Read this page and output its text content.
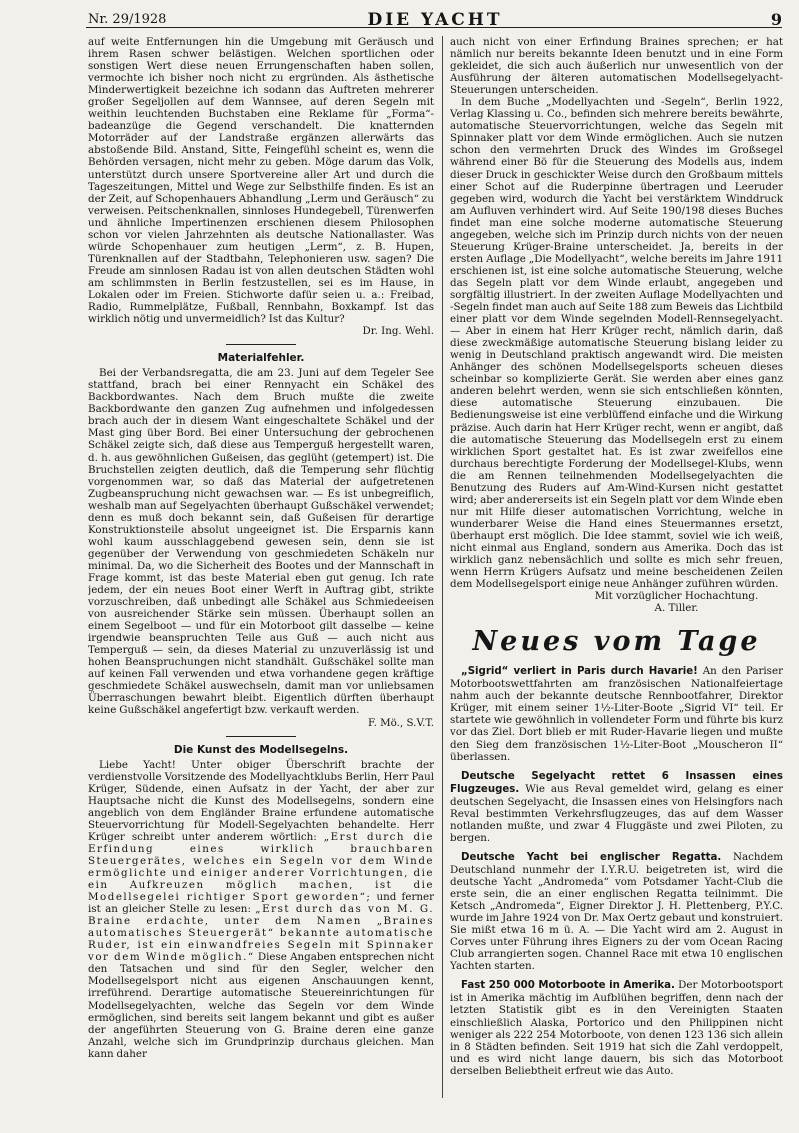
Nr. 29/1928	DIE YACHT	9

auf weite Entfernungen hin die Umgebung mit Geräusch und ihrem Rasen schwer belästigen. Welchen sportlichen oder sonstigen Wert diese neuen Errungenschaften haben sollen, vermochte ich bisher noch nicht zu ergründen. Als ästhetische Minderwertigkeit bezeichne ich sodann das Auftreten mehrerer großer Segeljollen auf dem Wannsee, auf deren Segeln mit weithin leuchtenden Buchstaben eine Reklame für „Forma“-badeanzüge die Gegend verschandelt. Die knatternden Motorräder auf der Landstraße ergänzen allerwärts das abstoßende Bild. Anstand, Sitte, Feingefühl scheint es, wenn die Behörden versagen, nicht mehr zu geben. Möge darum das Volk, unterstützt durch unsere Sportvereine aller Art und durch die Tageszeitungen, Mittel und Wege zur Selbsthilfe finden. Es ist an der Zeit, auf Schopenhauers Abhandlung „Lerm und Geräusch“ zu verweisen. Peitschenknallen, sinnloses Hundegebell, Türenwerfen und ähnliche Impertinenzen erschienen diesem Philosophen schon vor vielen Jahrzehnten als deutsche Nationallaster. Was würde Schopenhauer zum heutigen „Lerm“, z. B. Hupen, Türenknallen auf der Stadtbahn, Telephonieren usw. sagen? Die Freude am sinnlosen Radau ist von allen deutschen Städten wohl am schlimmsten in Berlin festzustellen, sei es im Hause, in Lokalen oder im Freien. Stichworte dafür seien u. a.: Freibad, Radio, Rummelplätze, Fußball, Rennbahn, Boxkampf. Ist das wirklich nötig und unvermeidlich? Ist das Kultur?

Dr. Ing. Wehl.

Materialfehler.

Bei der Verbandsregatta, die am 23. Juni auf dem Tegeler See stattfand, brach bei einer Rennyacht ein Schäkel des Backbordwantes. Nach dem Bruch mußte die zweite Backbordwante den ganzen Zug aufnehmen und infolgedessen brach auch der in diesem Want eingeschaltete Schäkel und der Mast ging über Bord. Bei einer Untersuchung der gebrochenen Schäkel zeigte sich, daß diese aus Temperguß hergestellt waren, d. h. aus gewöhnlichen Gußeisen, das geglüht (getempert) ist. Die Bruchstellen zeigten deutlich, daß die Temperung sehr flüchtig vorgenommen war, so daß das Material der aufgetretenen Zugbeanspruchung nicht gewachsen war. — Es ist unbegreiflich, weshalb man auf Segelyachten überhaupt Gußschäkel verwendet; denn es muß doch bekannt sein, daß Gußeisen für derartige Konstruktionsteile absolut ungeeignet ist. Die Ersparnis kann wohl kaum ausschlaggebend gewesen sein, denn sie ist gegenüber der Verwendung von geschmiedeten Schäkeln nur minimal. Da, wo die Sicherheit des Bootes und der Mannschaft in Frage kommt, ist das beste Material eben gut genug. Ich rate jedem, der ein neues Boot einer Werft in Auftrag gibt, strikte vorzuschreiben, daß unbedingt alle Schäkel aus Schmiedeeisen von ausreichender Stärke sein müssen. Überhaupt sollen an einem Segelboot — und für ein Motorboot gilt dasselbe — keine irgendwie beanspruchten Teile aus Guß — auch nicht aus Temperguß — sein, da dieses Material zu unzuverlässig ist und hohen Beanspruchungen nicht standhält. Gußschäkel sollte man auf keinen Fall verwenden und etwa vorhandene gegen kräftige geschmiedete Schäkel auswechseln, damit man vor unliebsamen Überraschungen bewahrt bleibt. Eigentlich dürften überhaupt keine Gußschäkel angefertigt bzw. verkauft werden.

F. Mö., S.V.T.

Die Kunst des Modellsegelns.

Liebe Yacht! Unter obiger Überschrift brachte der verdienstvolle Vorsitzende des Modellyachtklubs Berlin, Herr Paul Krüger, Südende, einen Aufsatz in der Yacht, der aber zur Hauptsache nicht die Kunst des Modellsegelns, sondern eine angeblich von dem Engländer Braine erfundene automatische Steuervorrichtung für Modell-Segelyachten behandelte. Herr Krüger schreibt unter anderem wörtlich: „Erst durch die Erfindung eines wirklich brauchbaren Steuergerätes, welches ein Segeln vor dem Winde ermöglichte und einiger anderer Vorrichtungen, die ein Aufkreuzen möglich machen, ist die Modellsegelei richtiger Sport geworden“; und ferner ist an gleicher Stelle zu lesen: „Erst durch das von M. G. Braine erdachte, unter dem Namen „Braines automatisches Steuergerät“ bekannte automatische Ruder, ist ein einwandfreies Segeln mit Spinnaker vor dem Winde möglich.“ Diese Angaben entsprechen nicht den Tatsachen und sind für den Segler, welcher den Modellsegelsport nicht aus eigenen Anschauungen kennt, irreführend. Derartige automatische Steuereinrichtungen für Modellsegelyachten, welche das Segeln vor dem Winde ermöglichen, sind bereits seit langem bekannt und gibt es außer der angeführten Steuerung von G. Braine deren eine ganze Anzahl, welche sich im Grundprinzip durchaus gleichen. Man kann daher

auch nicht von einer Erfindung Braines sprechen; er hat nämlich nur bereits bekannte Ideen benutzt und in eine Form gekleidet, die sich auch äußerlich nur unwesentlich von der Ausführung der älteren automatischen Modellsegelyacht-Steuerungen unterscheiden.

In dem Buche „Modellyachten und -Segeln“, Berlin 1922, Verlag Klassing u. Co., befinden sich mehrere bereits bewährte, automatische Steuervorrichtungen, welche das Segeln mit Spinnaker platt vor dem Winde ermöglichen. Auch sie nutzen schon den vermehrten Druck des Windes im Großsegel während einer Bö für die Steuerung des Modells aus, indem dieser Druck in geschickter Weise durch den Großbaum mittels einer Schot auf die Ruderpinne übertragen und Leeruder gegeben wird, wodurch die Yacht bei verstärktem Winddruck am Aufluven verhindert wird. Auf Seite 190/198 dieses Buches findet man eine solche moderne automatische Steuerung angegeben, welche sich im Prinzip durch nichts von der neuen Steuerung Krüger-Braine unterscheidet. Ja, bereits in der ersten Auflage „Die Modellyacht“, welche bereits im Jahre 1911 erschienen ist, ist eine solche automatische Steuerung, welche das Segeln platt vor dem Winde erlaubt, angegeben und sorgfältig illustriert. In der zweiten Auflage Modellyachten und -Segeln findet man auch auf Seite 188 zum Beweis das Lichtbild einer platt vor dem Winde segelnden Modell-Rennsegelyacht. — Aber in einem hat Herr Krüger recht, nämlich darin, daß diese zweckmäßige automatische Steuerung bislang leider zu wenig in Deutschland praktisch angewandt wird. Die meisten Anhänger des schönen Modellsegelsports scheuen dieses scheinbar so komplizierte Gerät. Sie werden aber eines ganz anderen belehrt werden, wenn sie sich entschließen könnten, diese automatische Steuerung einzubauen. Die Bedienungsweise ist eine verblüffend einfache und die Wirkung präzise. Auch darin hat Herr Krüger recht, wenn er angibt, daß die automatische Steuerung das Modellsegeln erst zu einem wirklichen Sport gestaltet hat. Es ist zwar zweifellos eine durchaus berechtigte Forderung der Modellsegel-Klubs, wenn die am Rennen teilnehmenden Modellsegelyachten die Benutzung des Ruders auf Am-Wind-Kursen nicht gestattet wird; aber andererseits ist ein Segeln platt vor dem Winde eben nur mit Hilfe dieser automatischen Vorrichtung, welche in wunderbarer Weise die Hand eines Steuermannes ersetzt, überhaupt erst möglich. Die Idee stammt, soviel wie ich weiß, nicht einmal aus England, sondern aus Amerika. Doch das ist wirklich ganz nebensächlich und sollte es mich sehr freuen, wenn Herrn Krügers Aufsatz und meine bescheidenen Zeilen dem Modellsegelsport einige neue Anhänger zuführen würden.

Mit vorzüglicher Hochachtung.

A. Tiller.

Neues vom Tage

„Sigrid“ verliert in Paris durch Havarie! An den Pariser Motorbootswettfahrten am französischen Nationalfeiertage nahm auch der bekannte deutsche Rennbootfahrer, Direktor Krüger, mit einem seiner 1½-Liter-Boote „Sigrid VI“ teil. Er startete wie gewöhnlich in vollendeter Form und führte bis kurz vor das Ziel. Dort blieb er mit Ruder-Havarie liegen und mußte den Sieg dem französischen 1½-Liter-Boot „Mouscheron II“ überlassen.

Deutsche Segelyacht rettet 6 Insassen eines Flugzeuges. Wie aus Reval gemeldet wird, gelang es einer deutschen Segelyacht, die Insassen eines von Helsingfors nach Reval bestimmten Verkehrsflugzeuges, das auf dem Wasser notlanden mußte, und zwar 4 Fluggäste und zwei Piloten, zu bergen.

Deutsche Yacht bei englischer Regatta. Nachdem Deutschland nunmehr der I.Y.R.U. beigetreten ist, wird die deutsche Yacht „Andromeda“ vom Potsdamer Yacht-Club die erste sein, die an einer englischen Regatta teilnimmt. Die Ketsch „Andromeda“, Eigner Direktor J. H. Plettenberg, P.Y.C. wurde im Jahre 1924 von Dr. Max Oertz gebaut und konstruiert. Sie mißt etwa 16 m ü. A. — Die Yacht wird am 2. August in Corves unter Führung ihres Eigners zu der vom Ocean Racing Club arrangierten sogen. Channel Race mit etwa 10 englischen Yachten starten.

Fast 250 000 Motorboote in Amerika. Der Motorbootsport ist in Amerika mächtig im Aufblühen begriffen, denn nach der letzten Statistik gibt es in den Vereinigten Staaten einschließlich Alaska, Portorico und den Philippinen nicht weniger als 222 254 Motorboote, von denen 123 136 sich allein in 8 Städten befinden. Seit 1919 hat sich die Zahl verdoppelt, und es wird nicht lange dauern, bis sich das Motorboot derselben Beliebtheit erfreut wie das Auto.
